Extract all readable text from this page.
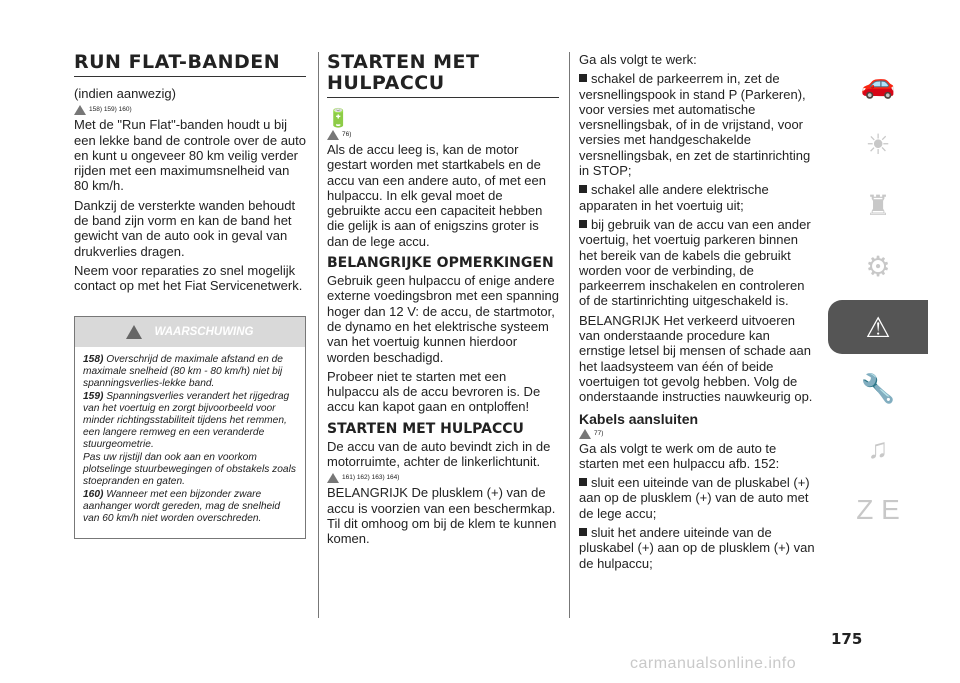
RUN FLAT-BANDEN

(indien aanwezig)

158) 159) 160)

Met de "Run Flat"-banden houdt u bij een lekke band de controle over de auto en kunt u ongeveer 80 km veilig verder rijden met een maximumsnelheid van 80 km/h.

Dankzij de versterkte wanden behoudt de band zijn vorm en kan de band het gewicht van de auto ook in geval van drukverlies dragen.

Neem voor reparaties zo snel mogelijk contact op met het Fiat Servicenetwerk.

WAARSCHUWING
158) Overschrijd de maximale afstand en de maximale snelheid (80 km - 80 km/h) niet bij spanningsverlies-lekke band.
159) Spanningsverlies verandert het rijgedrag van het voertuig en zorgt bijvoorbeeld voor minder richtingsstabiliteit tijdens het remmen, een langere remweg en een veranderde stuurgeometrie.
Pas uw rijstijl dan ook aan en voorkom plotselinge stuurbewegingen of obstakels zoals stoepranden en gaten.
160) Wanneer met een bijzonder zware aanhanger wordt gereden, mag de snelheid van 60 km/h niet worden overschreden.
STARTEN MET HULPACCU
🔋
76)

Als de accu leeg is, kan de motor gestart worden met startkabels en de accu van een andere auto, of met een hulpaccu. In elk geval moet de gebruikte accu een capaciteit hebben die gelijk is aan of enigszins groter is dan de lege accu.

BELANGRIJKE OPMERKINGEN

Gebruik geen hulpaccu of enige andere externe voedingsbron met een spanning hoger dan 12 V: de accu, de startmotor, de dynamo en het elektrische systeem van het voertuig kunnen hierdoor worden beschadigd.

Probeer niet te starten met een hulpaccu als de accu bevroren is. De accu kan kapot gaan en ontploffen!

STARTEN MET HULPACCU

De accu van de auto bevindt zich in de motorruimte, achter de linkerlichtunit.

161) 162) 163) 164)

BELANGRIJK De plusklem (+) van de accu is voorzien van een beschermkap. Til dit omhoog om bij de klem te kunnen komen.

Ga als volgt te werk:

schakel de parkeerrem in, zet de versnellingspook in stand P (Parkeren), voor versies met automatische versnellingsbak, of in de vrijstand, voor versies met handgeschakelde versnellingsbak, en zet de startinrichting in STOP;

schakel alle andere elektrische apparaten in het voertuig uit;

bij gebruik van de accu van een ander voertuig, het voertuig parkeren binnen het bereik van de kabels die gebruikt worden voor de verbinding, de parkeerrem inschakelen en controleren of de startinrichting uitgeschakeld is.

BELANGRIJK Het verkeerd uitvoeren van onderstaande procedure kan ernstige letsel bij mensen of schade aan het laadsysteem van één of beide voertuigen tot gevolg hebben. Volg de onderstaande instructies nauwkeurig op.

Kabels aansluiten
77)

Ga als volgt te werk om de auto te starten met een hulpaccu afb. 152:

sluit een uiteinde van de pluskabel (+) aan op de plusklem (+) van de auto met de lege accu;

sluit het andere uiteinde van de pluskabel (+) aan op de plusklem (+) van de hulpaccu;

🚗
☀
♜
⚙
⚠
🔧
♫
Z E
175
carmanualsonline.info
